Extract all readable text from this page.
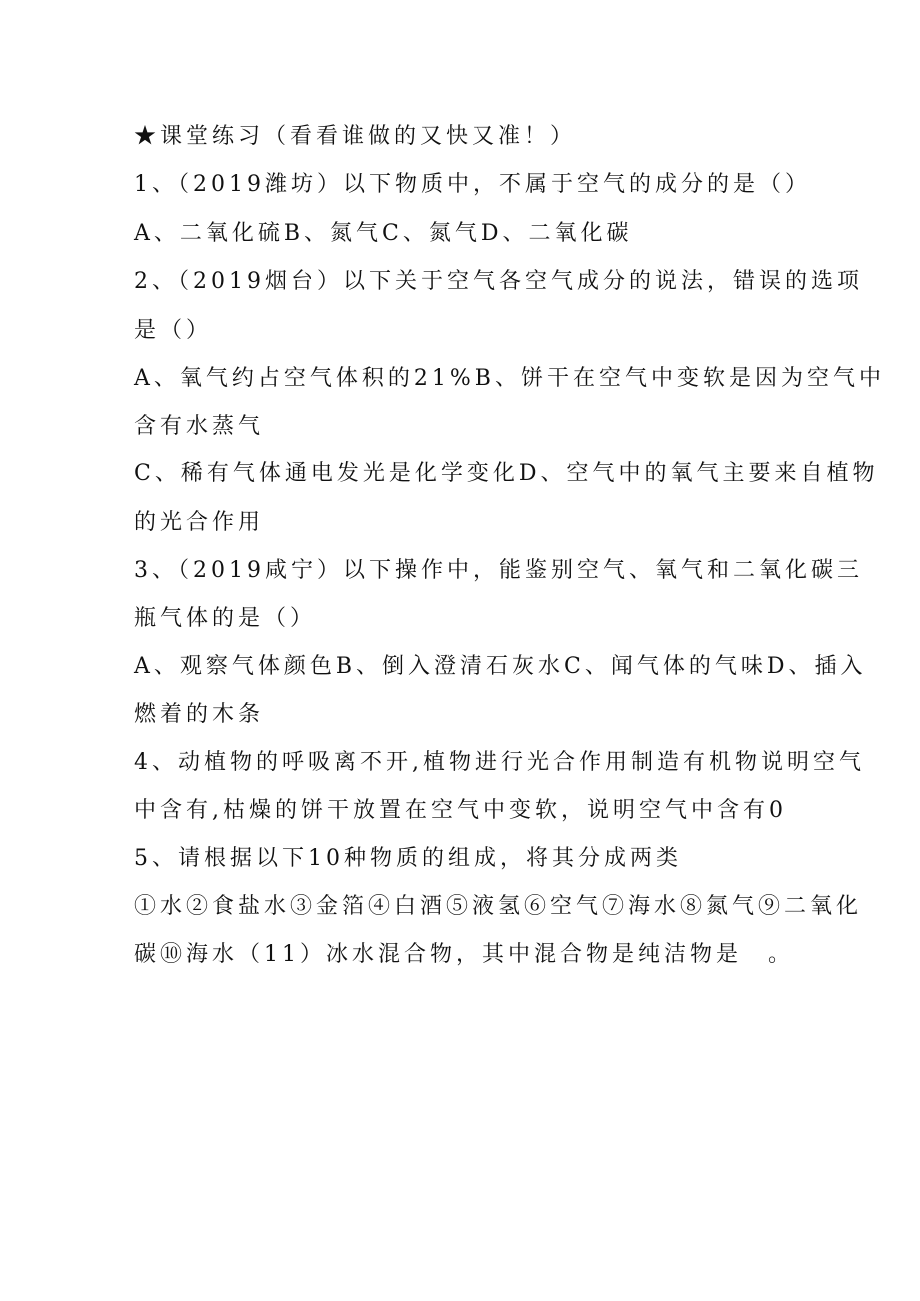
★课堂练习（看看谁做的又快又准！）
1、（2019潍坊）以下物质中，不属于空气的成分的是（）
A、二氧化硫B、氮气C、氮气D、二氧化碳
2、（2019烟台）以下关于空气各空气成分的说法，错误的选项
是（）
A、氧气约占空气体积的21%B、饼干在空气中变软是因为空气中
含有水蒸气
C、稀有气体通电发光是化学变化D、空气中的氧气主要来自植物
的光合作用
3、（2019咸宁）以下操作中，能鉴别空气、氧气和二氧化碳三
瓶气体的是（）
A、观察气体颜色B、倒入澄清石灰水C、闻气体的气味D、插入
燃着的木条
4、动植物的呼吸离不开,植物进行光合作用制造有机物说明空气
中含有,枯燥的饼干放置在空气中变软，说明空气中含有0
5、请根据以下10种物质的组成，将其分成两类
①水②食盐水③金箔④白酒⑤液氢⑥空气⑦海水⑧氮气⑨二氧化
碳⑩海水（11）冰水混合物，其中混合物是纯洁物是　。
